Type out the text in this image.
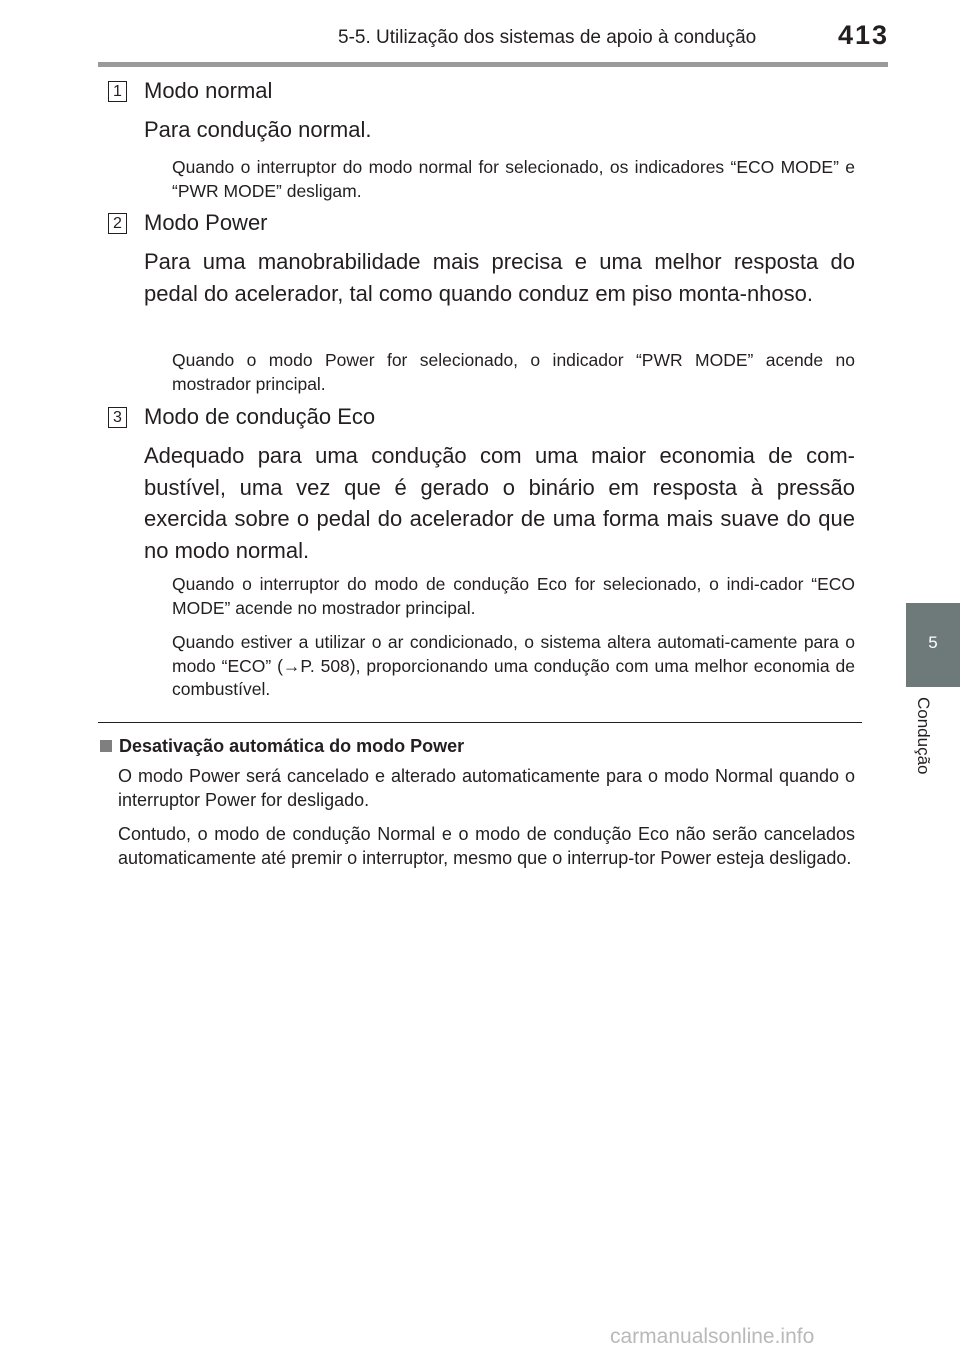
5-5. Utilização dos sistemas de apoio à condução	413
5
Condução
1 Modo normal
Para condução normal.
Quando o interruptor do modo normal for selecionado, os indicadores “ECO MODE” e “PWR MODE” desligam.
2 Modo Power
Para uma manobrabilidade mais precisa e uma melhor resposta do pedal do acelerador, tal como quando conduz em piso monta-nhoso.
Quando o modo Power for selecionado, o indicador “PWR MODE” acende no mostrador principal.
3 Modo de condução Eco
Adequado para uma condução com uma maior economia de com-bustível, uma vez que é gerado o binário em resposta à pressão exercida sobre o pedal do acelerador de uma forma mais suave do que no modo normal.
Quando o interruptor do modo de condução Eco for selecionado, o indi-cador “ECO MODE” acende no mostrador principal.
Quando estiver a utilizar o ar condicionado, o sistema altera automati-camente para o modo “ECO” (→P. 508), proporcionando uma condução com uma melhor economia de combustível.
Desativação automática do modo Power
O modo Power será cancelado e alterado automaticamente para o modo Normal quando o interruptor Power for desligado.
Contudo, o modo de condução Normal e o modo de condução Eco não serão cancelados automaticamente até premir o interruptor, mesmo que o interrup-tor Power esteja desligado.
carmanualsonline.info
